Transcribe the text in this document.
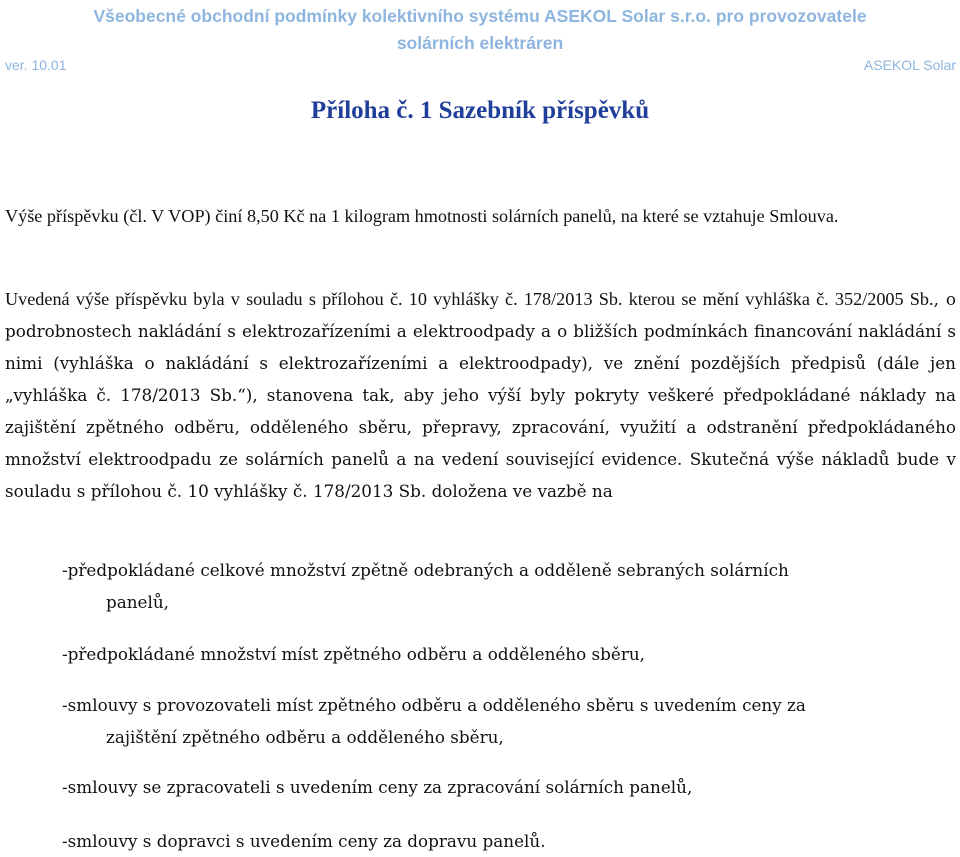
Všeobecné obchodní podmínky kolektivního systému ASEKOL Solar s.r.o. pro provozovatele
solárních elektráren
ver. 10.01	ASEKOL Solar
Příloha č. 1 Sazebník příspěvků
Výše příspěvku (čl. V VOP) činí 8,50 Kč na 1 kilogram hmotnosti solárních panelů, na které se vztahuje Smlouva.
Uvedená výše příspěvku byla v souladu s přílohou č. 10 vyhlášky č. 178/2013 Sb. kterou se mění vyhláška č. 352/2005 Sb., o podrobnostech nakládání s elektrozařízeními a elektroodpady a o bližších podmínkách financování nakládání s nimi (vyhláška o nakládání s elektrozařízeními a elektroodpady), ve znění pozdějších předpisů (dále jen „vyhláška č. 178/2013 Sb.“), stanovena tak, aby jeho výší byly pokryty veškeré předpokládané náklady na zajištění zpětného odběru, odděleného sběru, přepravy, zpracování, využití a odstranění předpokládaného množství elektroodpadu ze solárních panelů a na vedení související evidence. Skutečná výše nákladů bude v souladu s přílohou č. 10 vyhlášky č. 178/2013 Sb. doložena ve vazbě na
-předpokládané celkové množství zpětně odebraných a odděleně sebraných solárních
panelů,
-předpokládané množství míst zpětného odběru a odděleného sběru,
-smlouvy s provozovateli míst zpětného odběru a odděleného sběru s uvedením ceny za
zajištění zpětného odběru a odděleného sběru,
-smlouvy se zpracovateli s uvedením ceny za zpracování solárních panelů,
-smlouvy s dopravci s uvedením ceny za dopravu panelů.
